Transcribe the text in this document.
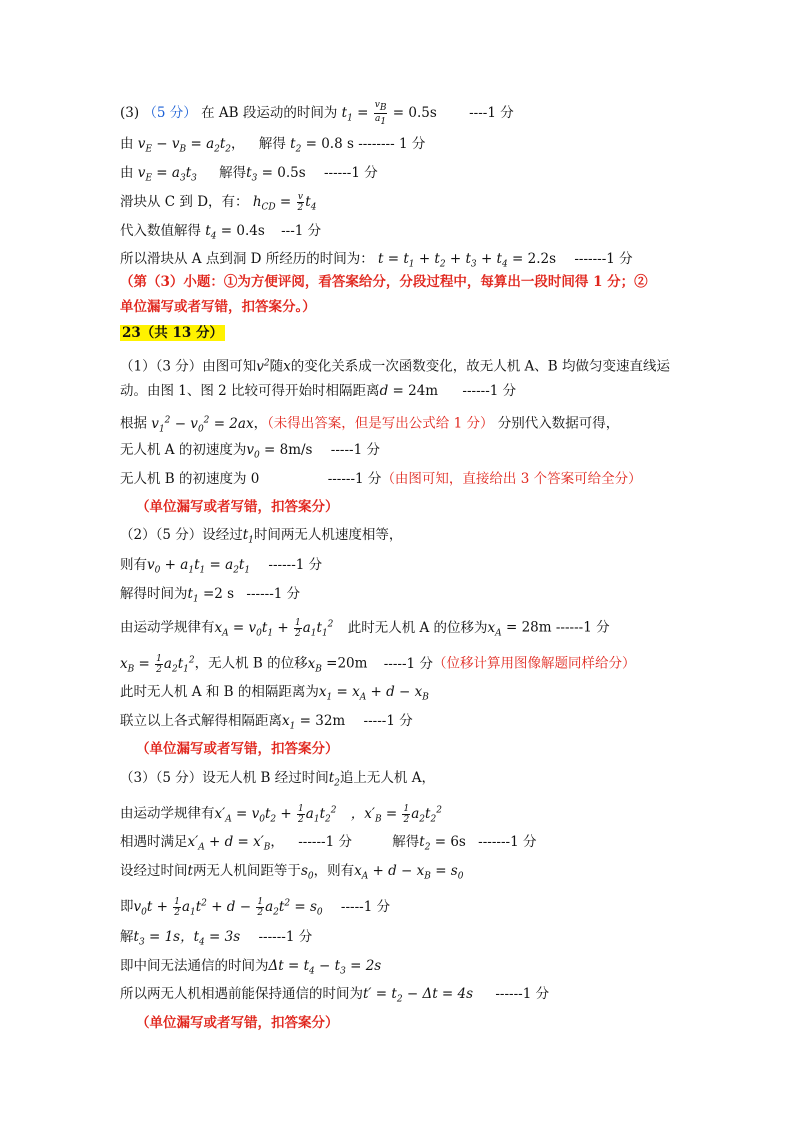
(3) （5 分） 在 AB 段运动的时间为 $t_1 = \frac{v_B}{a_1} = 0.5s$ ----1 分
由 $v_E - v_B = a_2t_2$， 解得 $t_2 = 0.8$ s -------- 1 分
由 $v_E = a_3t_3$ 解得$t_3 = 0.5s$ ------1 分
滑块从 C 到 D，有： $h_{CD} = \frac{v}{2} t_4$
代入数值解得 $t_4 = 0.4s$ ---1 分
所以滑块从 A 点到洞 D 所经历的时间为： $t = t_1 + t_2 + t_3 + t_4 = 2.2s$ -------1 分
（第（3）小题：①为方便评阅，看答案给分，分段过程中，每算出一段时间得 1 分；②
单位漏写或者写错，扣答案分。）
23（共 13 分）
（1）（3 分）由图可知$v^2$随x的变化关系成一次函数变化，故无人机 A、B 均做匀变速直线运
动。由图 1、图 2 比较可得开始时相隔距离d = 24m ------1 分
根据 $v_1^2 - v_0^2 = 2ax$，（未得出答案，但是写出公式给 1 分） 分别代入数据可得，
无人机 A 的初速度为$v_0 = 8m/s$ -----1 分
无人机 B 的初速度为 0	------1 分（由图可知，直接给出 3 个答案可给全分）
（单位漏写或者写错，扣答案分）
（2）（5 分）设经过$t_1$时间两无人机速度相等，
则有$v_0 + a_1t_1 = a_2t_1$ ------1 分
解得时间为$t_1 =2$ s ------1 分
由运动学规律有$x_A = v_0t_1 + \frac{1}{2} a_1t_1^2$ 此时无人机 A 的位移为$x_A = 28m$ ------1 分
$x_B = \frac{1}{2} a_2t_1^2$，无人机 B 的位移$x_B =20m$ -----1 分（位移计算用图像解题同样给分）
此时无人机 A 和 B 的相隔距离为$x_1 = x_A + d - x_B$
联立以上各式解得相隔距离$x_1 = 32m$ -----1 分
（单位漏写或者写错，扣答案分）
（3）（5 分）设无人机 B 经过时间$t_2$追上无人机 A，
由运动学规律有$x'_A = v_0t_2 + \frac{1}{2} a_1t_2^2$ ，$x'_B = \frac{1}{2} a_2t_2^2$
相遇时满足$x'_A + d = x'_B$， ------1 分	解得$t_2 = 6s$ -------1 分
设经过时间t两无人机间距等于$s_0$，则有$x_A + d - x_B = s_0$
即$v_0t + \frac{1}{2} a_1t^2 + d - \frac{1}{2} a_2t^2 = s_0$ -----1 分
解$t_3 = 1s$，$t_4 = 3s$ ------1 分
即中间无法通信的时间为$\Delta t = t_4 - t_3 = 2s$
所以两无人机相遇前能保持通信的时间为$t' = t_2 - \Delta t = 4s$ ------1 分
（单位漏写或者写错，扣答案分）
